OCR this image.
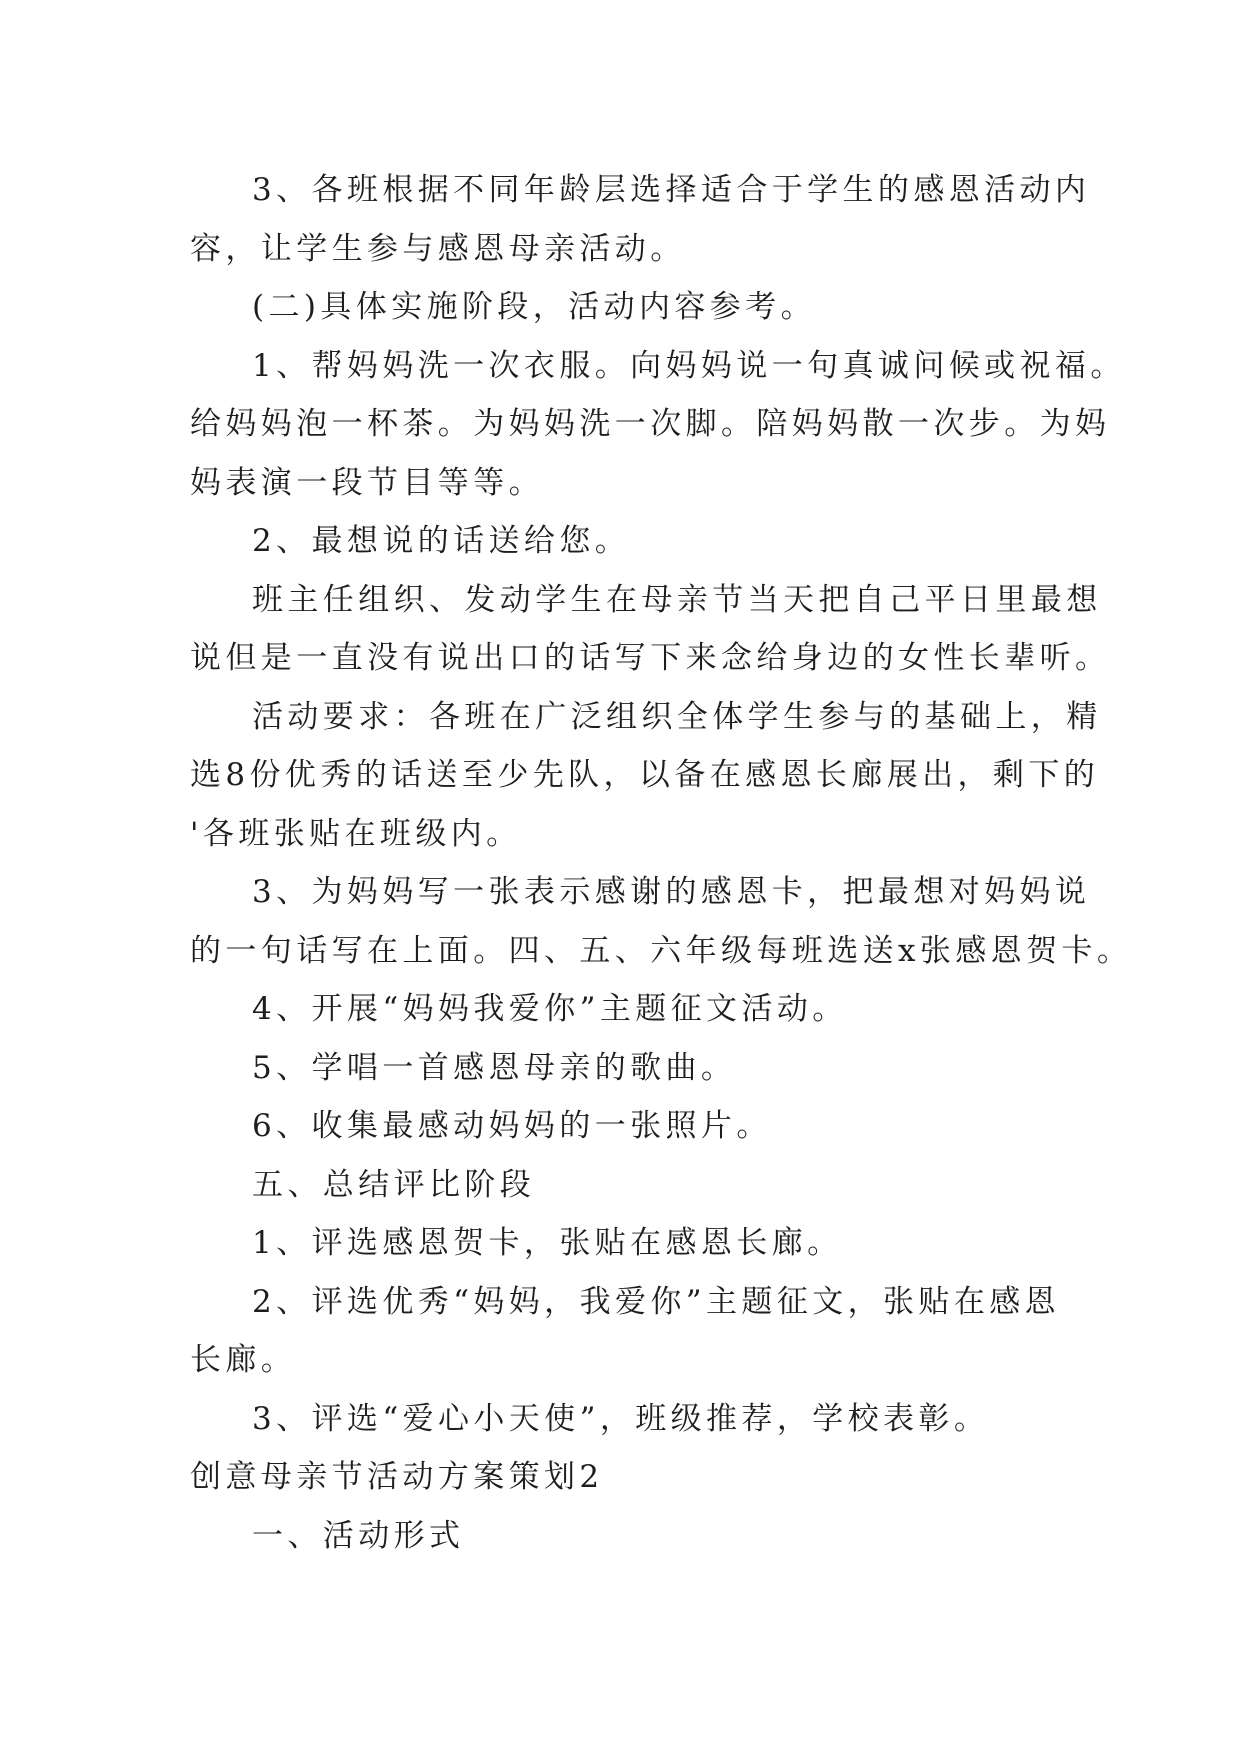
3、各班根据不同年龄层选择适合于学生的感恩活动内

容，让学生参与感恩母亲活动。

(二)具体实施阶段，活动内容参考。

1、帮妈妈洗一次衣服。向妈妈说一句真诚问候或祝福。

给妈妈泡一杯茶。为妈妈洗一次脚。陪妈妈散一次步。为妈

妈表演一段节目等等。

2、最想说的话送给您。

班主任组织、发动学生在母亲节当天把自己平日里最想

说但是一直没有说出口的话写下来念给身边的女性长辈听。

活动要求：各班在广泛组织全体学生参与的基础上，精

选8份优秀的话送至少先队，以备在感恩长廊展出，剩下的

'各班张贴在班级内。

3、为妈妈写一张表示感谢的感恩卡，把最想对妈妈说

的一句话写在上面。四、五、六年级每班选送x张感恩贺卡。

4、开展“妈妈我爱你”主题征文活动。

5、学唱一首感恩母亲的歌曲。

6、收集最感动妈妈的一张照片。

五、总结评比阶段

1、评选感恩贺卡，张贴在感恩长廊。

2、评选优秀“妈妈，我爱你”主题征文，张贴在感恩

长廊。

3、评选“爱心小天使”，班级推荐，学校表彰。

创意母亲节活动方案策划2

一、活动形式
